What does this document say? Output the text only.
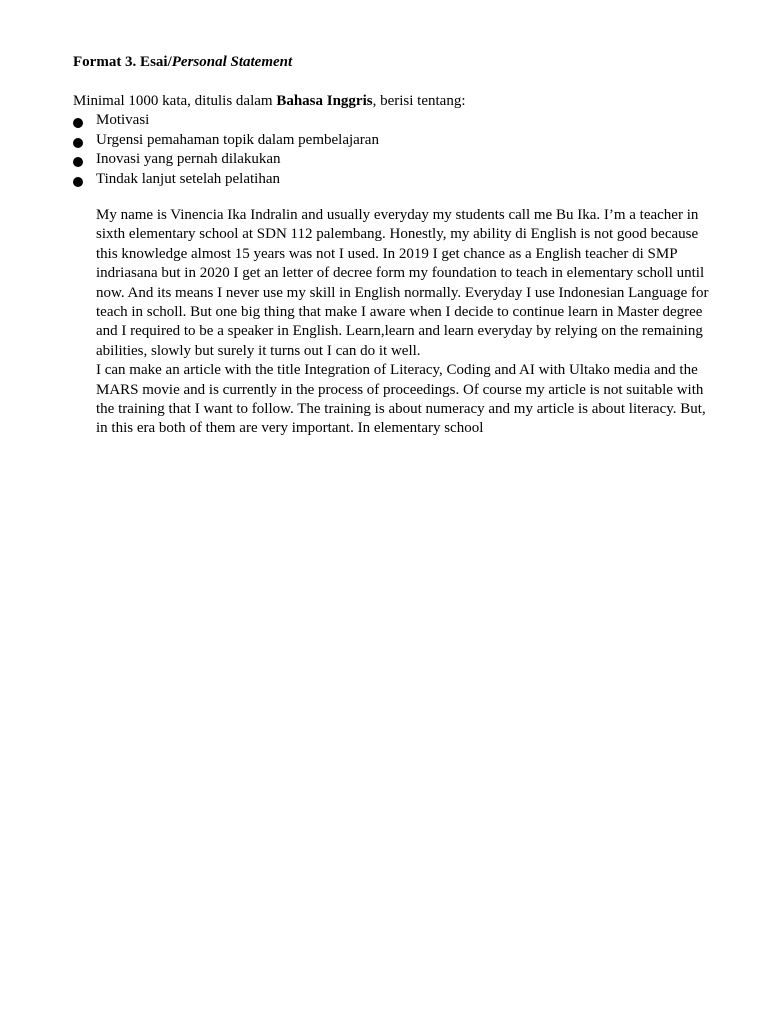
Format 3. Esai/Personal Statement
Minimal 1000 kata, ditulis dalam Bahasa Inggris, berisi tentang:
Motivasi
Urgensi pemahaman topik dalam pembelajaran
Inovasi yang pernah dilakukan
Tindak lanjut setelah pelatihan

My name is Vinencia Ika Indralin and usually everyday my students call me Bu Ika. I’m a teacher in sixth elementary school at SDN 112 palembang. Honestly, my ability di English is not good because this knowledge almost 15 years was not I used. In 2019 I get chance as a English teacher di SMP indriasana but in 2020 I get an letter of decree form my foundation to teach in elementary scholl until now. And its means I never use my skill in English normally. Everyday I use Indonesian Language for teach in scholl. But one big thing that make I aware when I decide to continue learn in Master degree and I required to be a speaker in English. Learn,learn and learn everyday by relying on the remaining abilities, slowly but surely it turns out I can do it well.

I can make an article with the title Integration of Literacy, Coding and AI with Ultako media and the MARS movie and is currently in the process of proceedings. Of course my article is not suitable with the training that I want to follow. The training is about numeracy and my article is about literacy. But, in this era both of them are very important. In elementary school
